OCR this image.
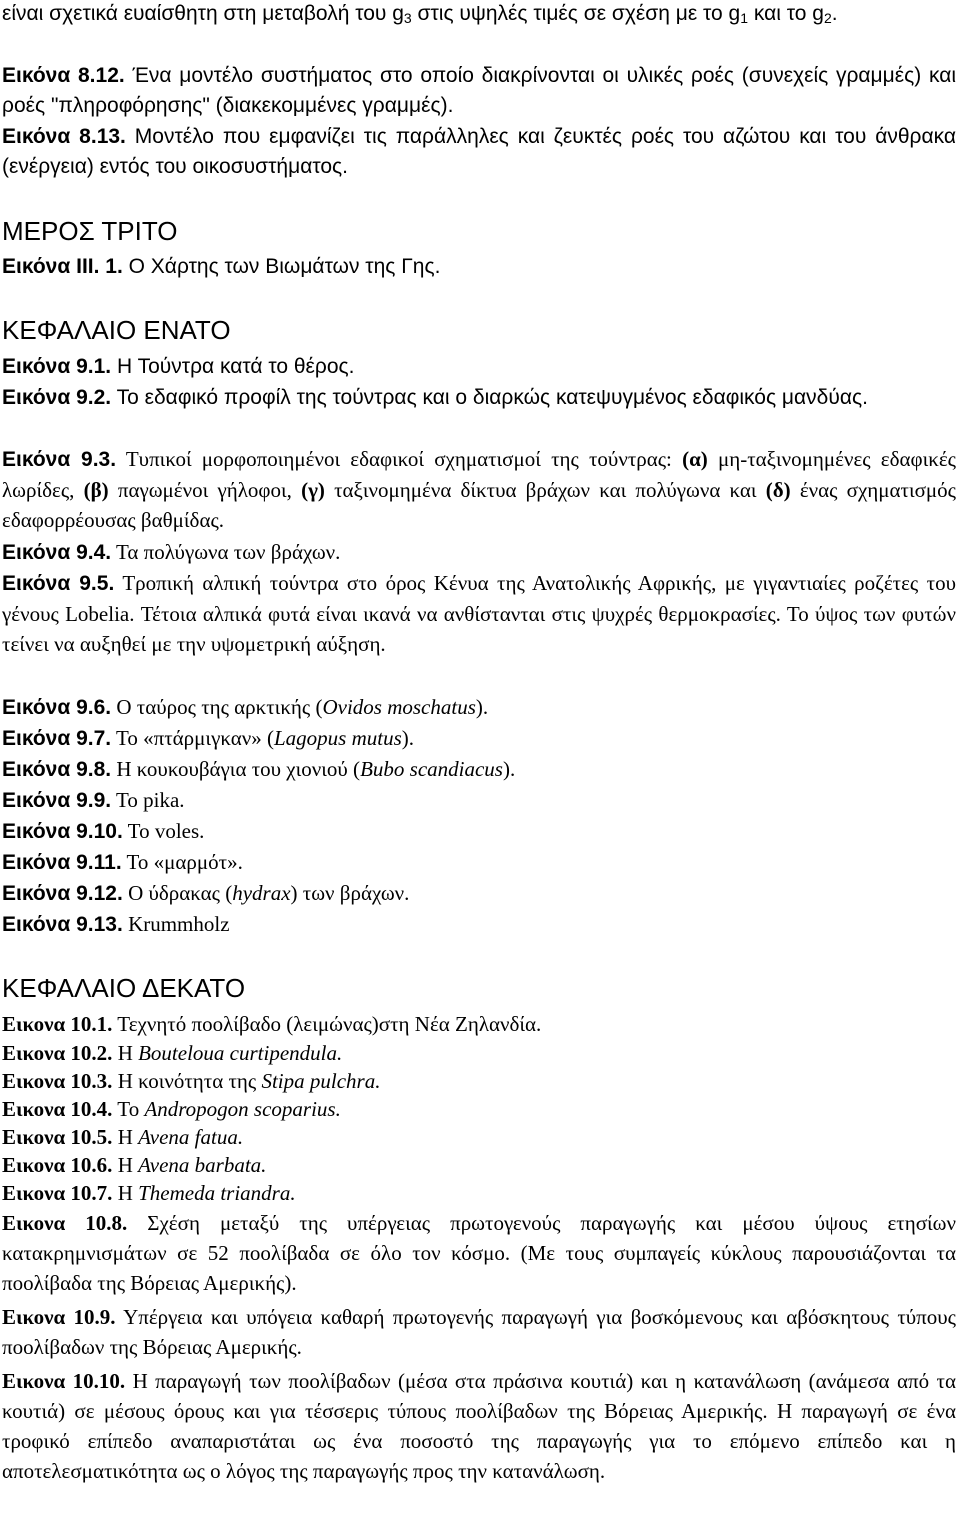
είναι σχετικά ευαίσθητη στη μεταβολή του $g_3$ στις υψηλές τιμές σε σχέση με το $g_1$ και το $g_2$.
Εικόνα 8.12. Ένα μοντέλο συστήματος στο οποίο διακρίνονται οι υλικές ροές (συνεχείς γραμμές) και ροές "πληροφόρησης" (διακεκομμένες γραμμές).
Εικόνα 8.13. Μοντέλο που εμφανίζει τις παράλληλες και ζευκτές ροές του αζώτου και του άνθρακα (ενέργεια) εντός του οικοσυστήματος.
ΜΕΡΟΣ ΤΡΙΤΟ
Εικόνα ΙΙΙ. 1. Ο Χάρτης των Βιωμάτων της Γης.
ΚΕΦΑΛΑΙΟ ΕΝΑΤΟ
Εικόνα 9.1. Η Τούντρα κατά το θέρος.
Εικόνα 9.2. Το εδαφικό προφίλ της τούντρας και ο διαρκώς κατεψυγμένος εδαφικός μανδύας.
Εικόνα 9.3. Τυπικοί μορφοποιημένοι εδαφικοί σχηματισμοί της τούντρας: (α) μη-ταξινομημένες εδαφικές λωρίδες, (β) παγωμένοι γήλοφοι, (γ) ταξινομημένα δίκτυα βράχων και πολύγωνα και (δ) ένας σχηματισμός εδαφορρέουσας βαθμίδας.
Εικόνα 9.4. Τα πολύγωνα των βράχων.
Εικόνα 9.5. Τροπική αλπική τούντρα στο όρος Κένυα της Ανατολικής Αφρικής, με γιγαντιαίες ροζέτες του γένους Lobelia. Τέτοια αλπικά φυτά είναι ικανά να ανθίστανται στις ψυχρές θερμοκρασίες. Το ύψος των φυτών τείνει να αυξηθεί με την υψομετρική αύξηση.
Εικόνα 9.6. Ο ταύρος της αρκτικής (Ovidos moschatus).
Εικόνα 9.7. Το «πτάρμιγκαν» (Lagopus mutus).
Εικόνα 9.8. Η κουκουβάγια του χιονιού (Bubo scandiacus).
Εικόνα 9.9. Το pika.
Εικόνα 9.10. Το voles.
Εικόνα 9.11. Το «μαρμότ».
Εικόνα 9.12. Ο ύδρακας (hydrax) των βράχων.
Εικόνα 9.13. Krummholz
ΚΕΦΑΛΑΙΟ ΔΕΚΑΤΟ
Εικονα 10.1. Τεχνητό ποολίβαδο (λειμώνας)στη Νέα Ζηλανδία.
Εικονα 10.2. Η Bouteloua curtipendula.
Εικονα 10.3. Η κοινότητα της Stipa pulchra.
Εικονα 10.4. Το Andropogon scoparius.
Εικονα 10.5. Η Avena fatua.
Εικονα 10.6. Η Avena barbata.
Εικονα 10.7. Η Themeda triandra.
Εικονα 10.8. Σχέση μεταξύ της υπέργειας πρωτογενούς παραγωγής και μέσου ύψους ετησίων κατακρημνισμάτων σε 52 ποολίβαδα σε όλο τον κόσμο. (Με τους συμπαγείς κύκλους παρουσιάζονται τα ποολίβαδα της Βόρειας Αμερικής).
Εικονα 10.9. Υπέργεια και υπόγεια καθαρή πρωτογενής παραγωγή για βοσκόμενους και αβόσκητους τύπους ποολίβαδων της Βόρειας Αμερικής.
Εικονα 10.10. Η παραγωγή των ποολίβαδων (μέσα στα πράσινα κουτιά) και η κατανάλωση (ανάμεσα από τα κουτιά) σε μέσους όρους και για τέσσερις τύπους ποολίβαδων της Βόρειας Αμερικής. Η παραγωγή σε ένα τροφικό επίπεδο αναπαριστάται ως ένα ποσοστό της παραγωγής για το επόμενο επίπεδο και η αποτελεσματικότητα ως ο λόγος της παραγωγής προς την κατανάλωση.
